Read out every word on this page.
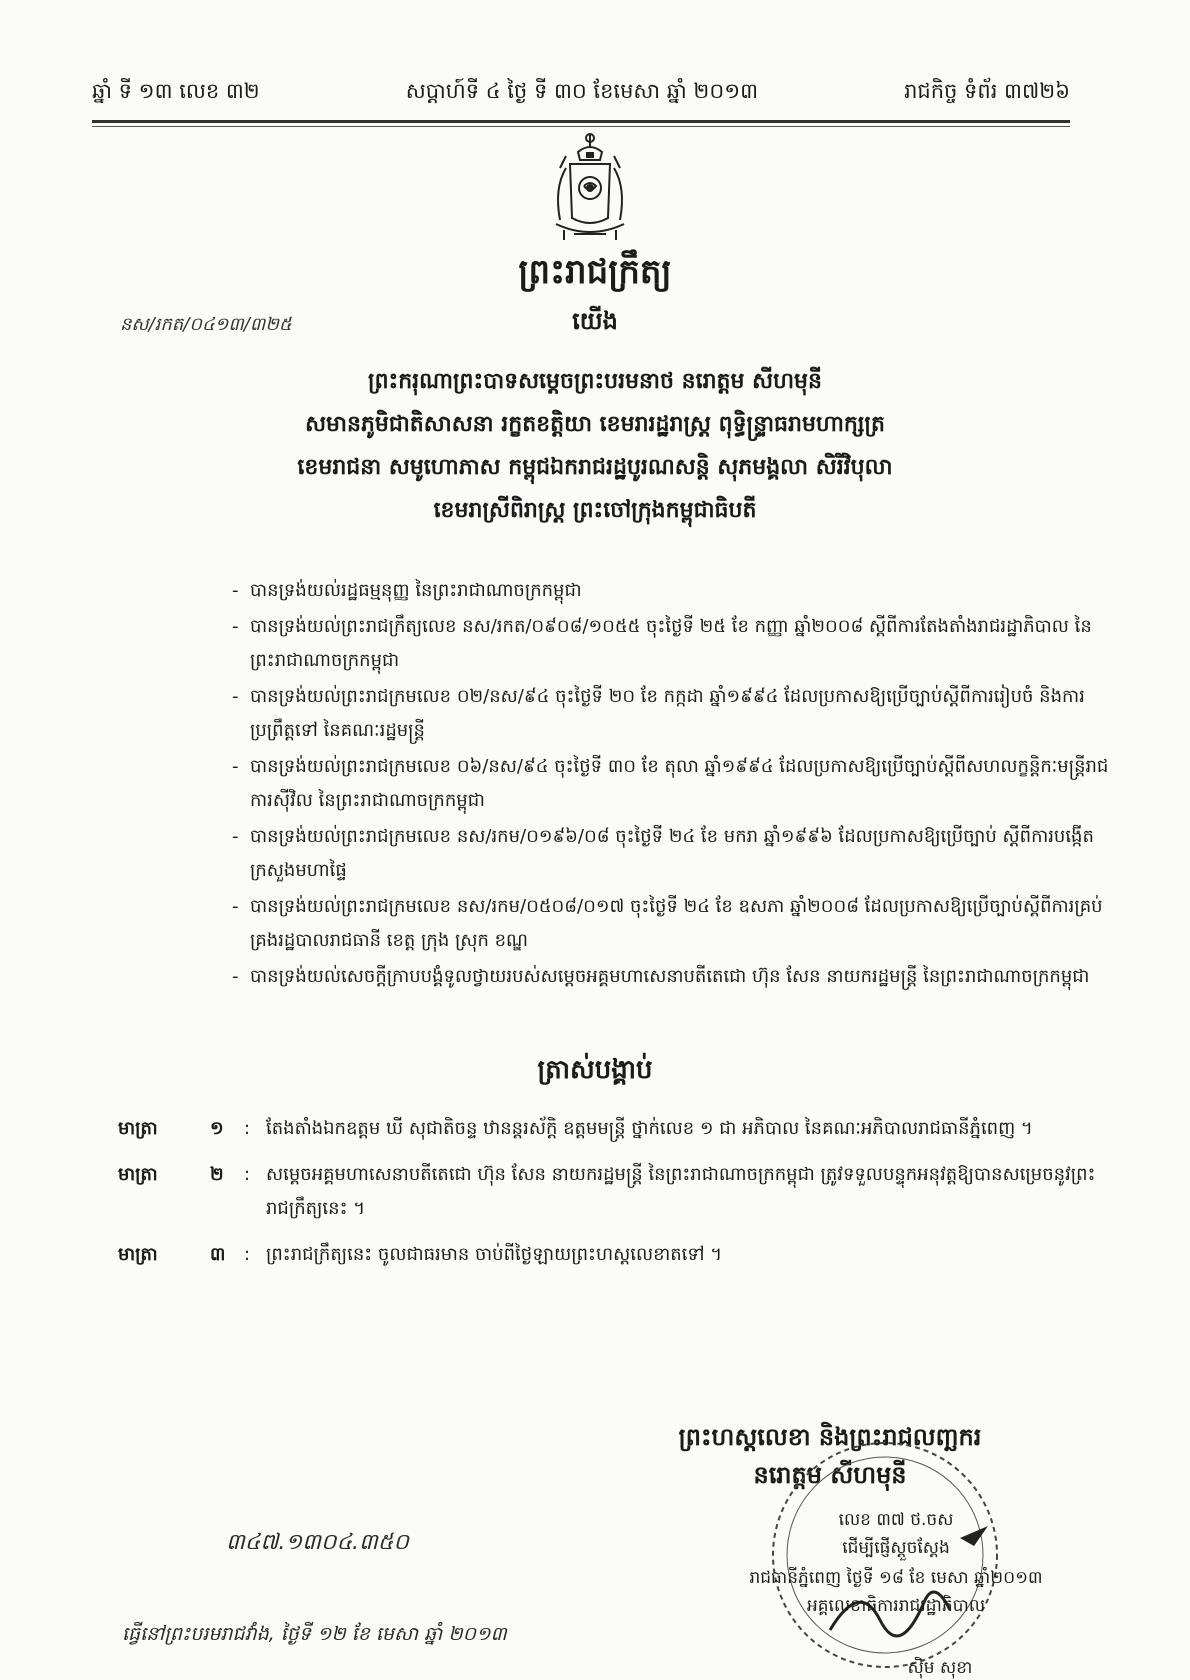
ឆ្នាំ ទី ១៣ លេខ ៣២	សប្តាហ៍ទី ៤ ថ្ងៃ ទី ៣០ ខែមេសា ឆ្នាំ ២០១៣	រាជកិច្ច ទំព័រ ៣៧២៦
ព្រះរាជក្រឹត្យ
នស/រកត/០៤១៣/៣២៥	យើង
ព្រះករុណាព្រះបាទសម្តេចព្រះបរមនាថ នរោត្តម សីហមុនី
សមានភូមិជាតិសាសនា រក្ខតខត្តិយា ខេមរារដ្ឋរាស្ត្រ ពុទ្ធិន្ទ្រាធរាមហាក្សត្រ
ខេមរាជនា សមូហោភាស កម្ពុជឯករាជរដ្ឋបូរណសន្តិ សុភមង្គលា សិរីវិបុលា
ខេមរាស្រីពិរាស្ត្រ ព្រះចៅក្រុងកម្ពុជាធិបតី
- បានទ្រង់យល់រដ្ឋធម្មនុញ្ញ នៃព្រះរាជាណាចក្រកម្ពុជា
- បានទ្រង់យល់ព្រះរាជក្រឹត្យលេខ នស/រកត/០៩០៨/១០៥៥ ចុះថ្ងៃទី ២៥ ខែ កញ្ញា ឆ្នាំ២០០៨ ស្តីពីការតែងតាំងរាជរដ្ឋាភិបាល នៃព្រះរាជាណាចក្រកម្ពុជា
- បានទ្រង់យល់ព្រះរាជក្រមលេខ ០២/នស/៩៤ ចុះថ្ងៃទី ២០ ខែ កក្កដា ឆ្នាំ១៩៩៤ ដែលប្រកាសឱ្យប្រើច្បាប់ស្តីពីការរៀបចំ និងការប្រព្រឹត្តទៅ នៃគណៈរដ្ឋមន្ត្រី
- បានទ្រង់យល់ព្រះរាជក្រមលេខ ០៦/នស/៩៤ ចុះថ្ងៃទី ៣០ ខែ តុលា ឆ្នាំ១៩៩៤ ដែលប្រកាសឱ្យប្រើច្បាប់ស្តីពីសហលក្ខន្តិកៈមន្ត្រីរាជការស៊ីវិល នៃព្រះរាជាណាចក្រកម្ពុជា
- បានទ្រង់យល់ព្រះរាជក្រមលេខ នស/រកម/០១៩៦/០៨ ចុះថ្ងៃទី ២៤ ខែ មករា ឆ្នាំ១៩៩៦ ដែលប្រកាសឱ្យប្រើច្បាប់ ស្តីពីការបង្កើតក្រសួងមហាផ្ទៃ
- បានទ្រង់យល់ព្រះរាជក្រមលេខ នស/រកម/០៥០៨/០១៧ ចុះថ្ងៃទី ២៤ ខែ ឧសភា ឆ្នាំ២០០៨ ដែលប្រកាសឱ្យប្រើច្បាប់ស្តីពីការគ្រប់គ្រងរដ្ឋបាលរាជធានី ខេត្ត ក្រុង ស្រុក ខណ្ឌ
- បានទ្រង់យល់សេចក្តីក្រាបបង្គំទូលថ្វាយរបស់សម្តេចអគ្គមហាសេនាបតីតេជោ ហ៊ុន សែន នាយករដ្ឋមន្ត្រី នៃព្រះរាជាណាចក្រកម្ពុជា
ត្រាស់បង្គាប់
មាត្រា	១	: តែងតាំងឯកឧត្តម ឃី សុជាតិចន្ទ ឋានន្តរស័ក្តិ ឧត្តមមន្ត្រី ថ្នាក់លេខ ១ ជា អភិបាល នៃគណៈអភិបាលរាជធានីភ្នំពេញ ។
មាត្រា	២	: សម្តេចអគ្គមហាសេនាបតីតេជោ ហ៊ុន សែន នាយករដ្ឋមន្ត្រី នៃព្រះរាជាណាចក្រកម្ពុជា ត្រូវទទួលបន្ទុកអនុវត្តឱ្យបានសម្រេចនូវព្រះរាជក្រឹត្យនេះ ។
មាត្រា	៣	: ព្រះរាជក្រឹត្យនេះ ចូលជាធរមាន ចាប់ពីថ្ងៃឡាយព្រះហស្តលេខាតទៅ ។
ព្រះហស្តលេខា និងព្រះរាជលញ្ឆករ
នរោត្តម សីហមុនី
៣៤៧.១៣០៤.៣៥០
លេខ ៣៧ ថ.ចស
ជើម្បីផ្ញើស្តួចស្តែង
រាជធានីភ្នំពេញ ថ្ងៃទី ១៨ ខែ មេសា ឆ្នាំ២០១៣
អគ្គលេខាធិការរាជរដ្ឋាភិបាល
ស៊ិម សុខា
ធ្វើនៅព្រះបរមរាជវាំង, ថ្ងៃទី ១២ ខែ មេសា ឆ្នាំ ២០១៣
